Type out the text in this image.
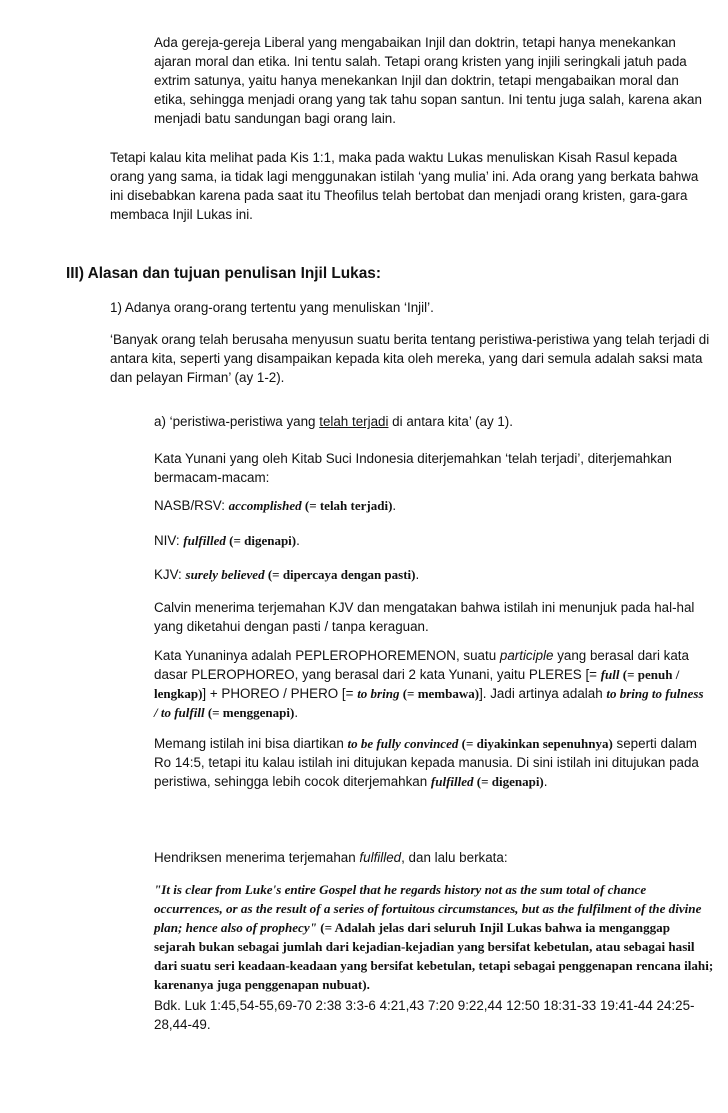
Ada gereja-gereja Liberal yang mengabaikan Injil dan doktrin, tetapi hanya menekankan ajaran moral dan etika. Ini tentu salah. Tetapi orang kristen yang injili seringkali jatuh pada extrim satunya, yaitu hanya menekankan Injil dan doktrin, tetapi mengabaikan moral dan etika, sehingga menjadi orang yang tak tahu sopan santun. Ini tentu juga salah, karena akan menjadi batu sandungan bagi orang lain.

Tetapi kalau kita melihat pada Kis 1:1, maka pada waktu Lukas menuliskan Kisah Rasul kepada orang yang sama, ia tidak lagi menggunakan istilah ‘yang mulia’ ini. Ada orang yang berkata bahwa ini disebabkan karena pada saat itu Theofilus telah bertobat dan menjadi orang kristen, gara-gara membaca Injil Lukas ini.

III) Alasan dan tujuan penulisan Injil Lukas:

1) Adanya orang-orang tertentu yang menuliskan ‘Injil’.

‘Banyak orang telah berusaha menyusun suatu berita tentang peristiwa-peristiwa yang telah terjadi di antara kita, seperti yang disampaikan kepada kita oleh mereka, yang dari semula adalah saksi mata dan pelayan Firman’ (ay 1-2).

a) ‘peristiwa-peristiwa yang telah terjadi di antara kita’ (ay 1).

Kata Yunani yang oleh Kitab Suci Indonesia diterjemahkan ‘telah terjadi’, diterjemahkan bermacam-macam:

NASB/RSV: accomplished (= telah terjadi).

NIV: fulfilled (= digenapi).

KJV: surely believed (= dipercaya dengan pasti).

Calvin menerima terjemahan KJV dan mengatakan bahwa istilah ini menunjuk pada hal-hal yang diketahui dengan pasti / tanpa keraguan.

Kata Yunaninya adalah PEPLEROPHOREMENON, suatu participle yang berasal dari kata dasar PLEROPHOREO, yang berasal dari 2 kata Yunani, yaitu PLERES [= full (= penuh / lengkap)] + PHOREO / PHERO [= to bring (= membawa)]. Jadi artinya adalah to bring to fulness / to fulfill (= menggenapi).

Memang istilah ini bisa diartikan to be fully convinced (= diyakinkan sepenuhnya) seperti dalam Ro 14:5, tetapi itu kalau istilah ini ditujukan kepada manusia. Di sini istilah ini ditujukan pada peristiwa, sehingga lebih cocok diterjemahkan fulfilled (= digenapi).

Hendriksen menerima terjemahan fulfilled, dan lalu berkata:

"It is clear from Luke's entire Gospel that he regards history not as the sum total of chance occurrences, or as the result of a series of fortuitous circumstances, but as the fulfilment of the divine plan; hence also of prophecy" (= Adalah jelas dari seluruh Injil Lukas bahwa ia menganggap sejarah bukan sebagai jumlah dari kejadian-kejadian yang bersifat kebetulan, atau sebagai hasil dari suatu seri keadaan-keadaan yang bersifat kebetulan, tetapi sebagai penggenapan rencana ilahi; karenanya juga penggenapan nubuat).

Bdk. Luk 1:45,54-55,69-70 2:38 3:3-6 4:21,43 7:20 9:22,44 12:50 18:31-33 19:41-44 24:25-28,44-49.
